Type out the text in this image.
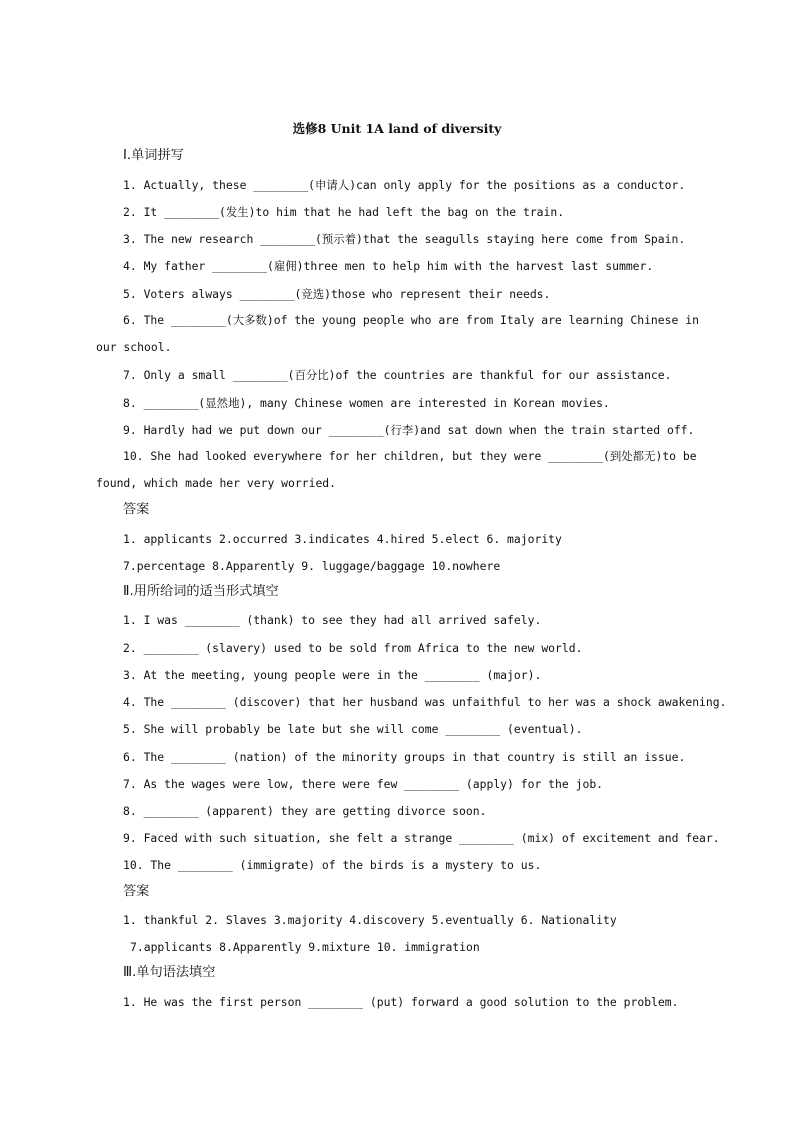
选修8 Unit 1A land of diversity
Ⅰ.单词拼写
1. Actually, these ________(申请人)can only apply for the positions as a conductor.
2. It ________(发生)to him that he had left the bag on the train.
3. The new research ________(预示着)that the seagulls staying here come from Spain.
4. My father ________(雇佣)three men to help him with the harvest last summer.
5. Voters always ________(竞选)those who represent their needs.
6. The ________(大多数)of the young people who are from Italy are learning Chinese in our school.
7. Only a small ________(百分比)of the countries are thankful for our assistance.
8. ________(显然地), many Chinese women are interested in Korean movies.
9. Hardly had we put down our ________(行李)and sat down when the train started off.
10. She had looked everywhere for her children, but they were ________(到处都无)to be found, which made her very worried.
答案
1. applicants 2.occurred 3.indicates 4.hired 5.elect 6. majority
7.percentage 8.Apparently 9. luggage/baggage 10.nowhere
Ⅱ.用所给词的适当形式填空
1. I was ________ (thank) to see they had all arrived safely.
2. ________ (slavery) used to be sold from Africa to the new world.
3. At the meeting, young people were in the ________ (major).
4. The ________ (discover) that her husband was unfaithful to her was a shock awakening.
5. She will probably be late but she will come ________ (eventual).
6. The ________ (nation) of the minority groups in that country is still an issue.
7. As the wages were low, there were few ________ (apply) for the job.
8. ________ (apparent) they are getting divorce soon.
9. Faced with such situation, she felt a strange ________ (mix) of excitement and fear.
10. The ________ (immigrate) of the birds is a mystery to us.
答案
1. thankful 2. Slaves 3.majority 4.discovery 5.eventually 6. Nationality
7.applicants 8.Apparently 9.mixture 10. immigration
Ⅲ.单句语法填空
1. He was the first person ________ (put) forward a good solution to the problem.
